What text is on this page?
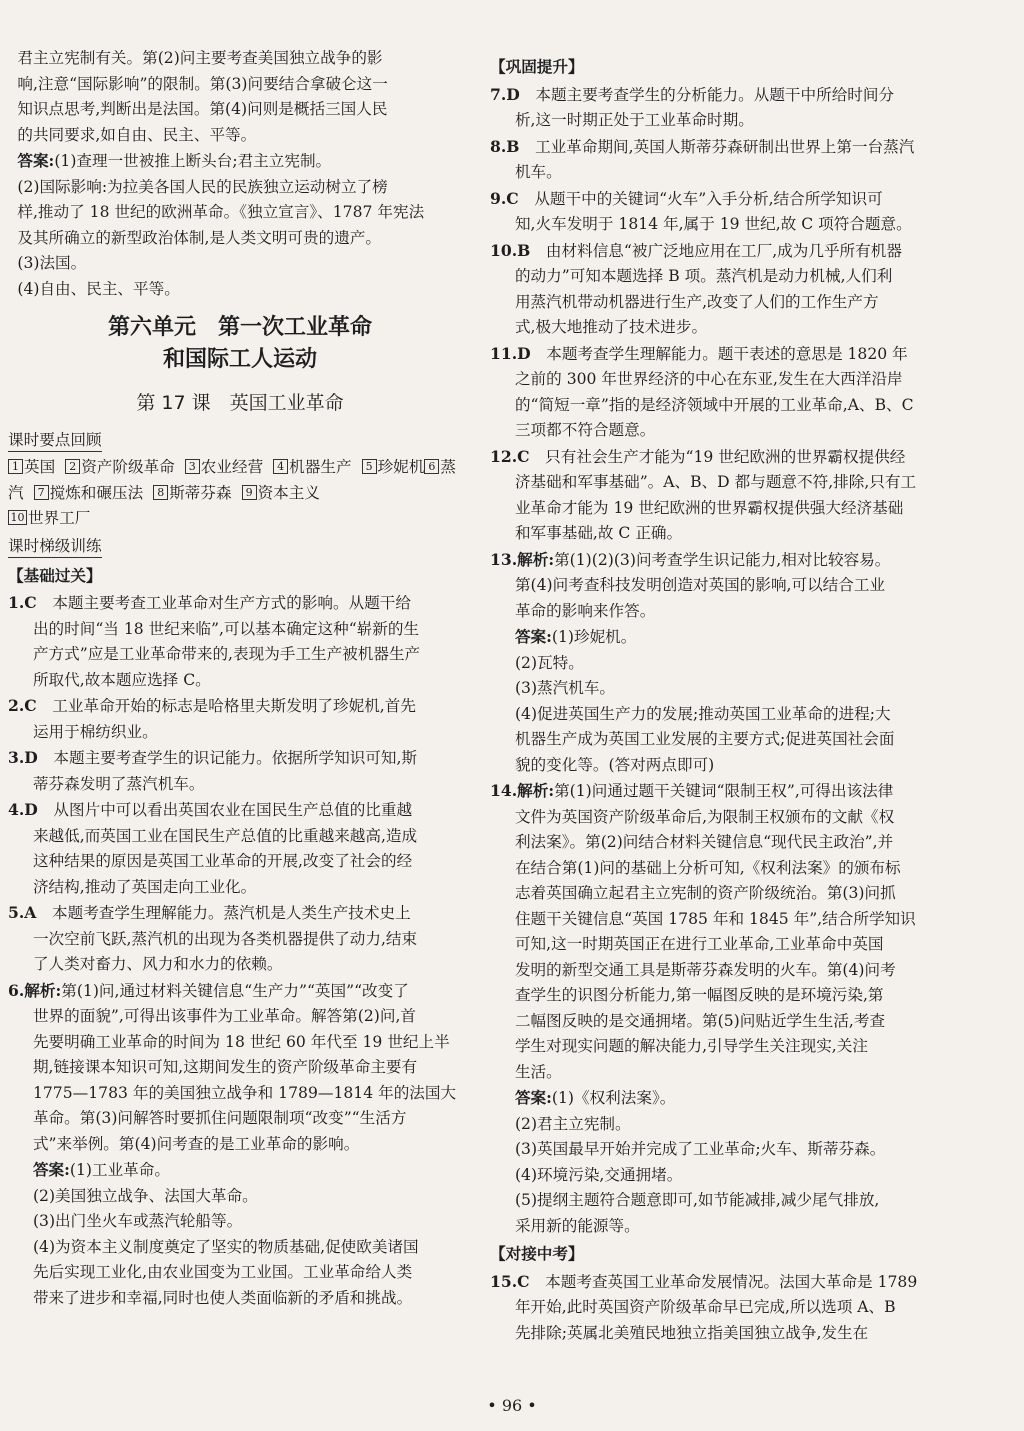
君主立宪制有关。第(2)问主要考查美国独立战争的影

响,注意“国际影响”的限制。第(3)问要结合拿破仑这一

知识点思考,判断出是法国。第(4)问则是概括三国人民

的共同要求,如自由、民主、平等。

答案:(1)查理一世被推上断头台;君主立宪制。

(2)国际影响:为拉美各国人民的民族独立运动树立了榜

样,推动了 18 世纪的欧洲革命。《独立宣言》、1787 年宪法

及其所确立的新型政治体制,是人类文明可贵的遗产。

(3)法国。

(4)自由、民主、平等。

第六单元　第一次工业革命

和国际工人运动

第 17 课　英国工业革命

课时要点回顾

1 英国 2 资产阶级革命 3 农业经营 4 机器生产 5 珍妮机 6 蒸汽 7 搅炼和碾压法 8 斯蒂芬森 9 资本主义
10 世界工厂

课时梯级训练

【基础过关】

1.C　 本题主要考查工业革命对生产方式的影响。从题干给

出的时间“当 18 世纪来临”,可以基本确定这种“崭新的生

产方式”应是工业革命带来的,表现为手工生产被机器生产

所取代,故本题应选择 C。

2.C　 工业革命开始的标志是哈格里夫斯发明了珍妮机,首先

运用于棉纺织业。

3.D　 本题主要考查学生的识记能力。依据所学知识可知,斯

蒂芬森发明了蒸汽机车。

4.D　 从图片中可以看出英国农业在国民生产总值的比重越

来越低,而英国工业在国民生产总值的比重越来越高,造成

这种结果的原因是英国工业革命的开展,改变了社会的经

济结构,推动了英国走向工业化。

5.A　 本题考查学生理解能力。蒸汽机是人类生产技术史上

一次空前飞跃,蒸汽机的出现为各类机器提供了动力,结束

了人类对畜力、风力和水力的依赖。

6.解析:第(1)问,通过材料关键信息“生产力”“英国”“改变了

世界的面貌”,可得出该事件为工业革命。解答第(2)问,首

先要明确工业革命的时间为 18 世纪 60 年代至 19 世纪上半

期,链接课本知识可知,这期间发生的资产阶级革命主要有

1775—1783 年的美国独立战争和 1789—1814 年的法国大

革命。第(3)问解答时要抓住问题限制项“改变”“生活方

式”来举例。第(4)问考查的是工业革命的影响。

答案:(1)工业革命。

(2)美国独立战争、法国大革命。

(3)出门坐火车或蒸汽轮船等。

(4)为资本主义制度奠定了坚实的物质基础,促使欧美诸国

先后实现工业化,由农业国变为工业国。工业革命给人类

带来了进步和幸福,同时也使人类面临新的矛盾和挑战。

【巩固提升】

7.D　 本题主要考查学生的分析能力。从题干中所给时间分

析,这一时期正处于工业革命时期。

8.B　 工业革命期间,英国人斯蒂芬森研制出世界上第一台蒸汽

机车。

9.C　 从题干中的关键词“火车”入手分析,结合所学知识可

知,火车发明于 1814 年,属于 19 世纪,故 C 项符合题意。

10.B　 由材料信息“被广泛地应用在工厂,成为几乎所有机器

的动力”可知本题选择 B 项。蒸汽机是动力机械,人们利

用蒸汽机带动机器进行生产,改变了人们的工作生产方

式,极大地推动了技术进步。

11.D　 本题考查学生理解能力。题干表述的意思是 1820 年

之前的 300 年世界经济的中心在东亚,发生在大西洋沿岸

的“简短一章”指的是经济领域中开展的工业革命,A、B、C

三项都不符合题意。

12.C　 只有社会生产才能为“19 世纪欧洲的世界霸权提供经

济基础和军事基础”。A、B、D 都与题意不符,排除,只有工

业革命才能为 19 世纪欧洲的世界霸权提供强大经济基础

和军事基础,故 C 正确。

13.解析:第(1)(2)(3)问考查学生识记能力,相对比较容易。

第(4)问考查科技发明创造对英国的影响,可以结合工业

革命的影响来作答。

答案:(1)珍妮机。

(2)瓦特。

(3)蒸汽机车。

(4)促进英国生产力的发展;推动英国工业革命的进程;大

机器生产成为英国工业发展的主要方式;促进英国社会面

貌的变化等。(答对两点即可)

14.解析:第(1)问通过题干关键词“限制王权”,可得出该法律

文件为英国资产阶级革命后,为限制王权颁布的文献《权

利法案》。第(2)问结合材料关键信息“现代民主政治”,并

在结合第(1)问的基础上分析可知,《权利法案》的颁布标

志着英国确立起君主立宪制的资产阶级统治。第(3)问抓

住题干关键信息“英国 1785 年和 1845 年”,结合所学知识

可知,这一时期英国正在进行工业革命,工业革命中英国

发明的新型交通工具是斯蒂芬森发明的火车。第(4)问考

查学生的识图分析能力,第一幅图反映的是环境污染,第

二幅图反映的是交通拥堵。第(5)问贴近学生生活,考查

学生对现实问题的解决能力,引导学生关注现实,关注

生活。

答案:(1)《权利法案》。

(2)君主立宪制。

(3)英国最早开始并完成了工业革命;火车、斯蒂芬森。

(4)环境污染,交通拥堵。

(5)提纲主题符合题意即可,如节能减排,减少尾气排放,

采用新的能源等。

【对接中考】

15.C　 本题考查英国工业革命发展情况。法国大革命是 1789

年开始,此时英国资产阶级革命早已完成,所以选项 A、B

先排除;英属北美殖民地独立指美国独立战争,发生在

• 96 •
